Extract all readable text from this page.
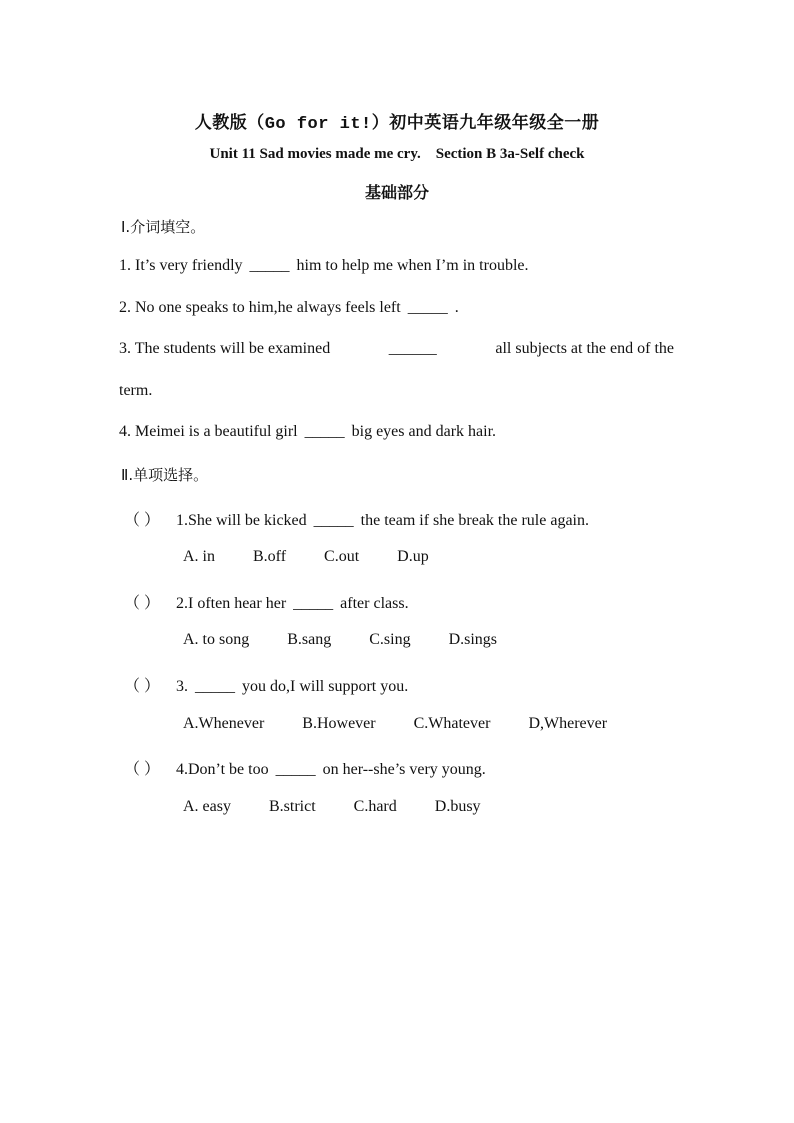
人教版（Go for it!）初中英语九年级年级全一册
Unit 11 Sad movies made me cry.    Section B 3a-Self check
基础部分
Ⅰ.介词填空。
1. It’s very friendly _____ him to help me when I’m in trouble.
2. No one speaks to him,he always feels left _____ .
3. The students will be examined	______	all subjects at the end of the
term.
4. Meimei is a beautiful girl _____ big eyes and dark hair.
Ⅱ.单项选择。
（ ） 1.She will be kicked _____ the team if she break the rule again.
A. in B.off C.out D.up
（ ） 2.I often hear her _____ after class.
A. to song B.sang C.sing D.sings
（ ） 3. _____ you do,I will support you.
A.Whenever B.However C.Whatever D,Wherever
（ ） 4.Don’t be too _____ on her--she’s very young.
A. easy B.strict C.hard D.busy
